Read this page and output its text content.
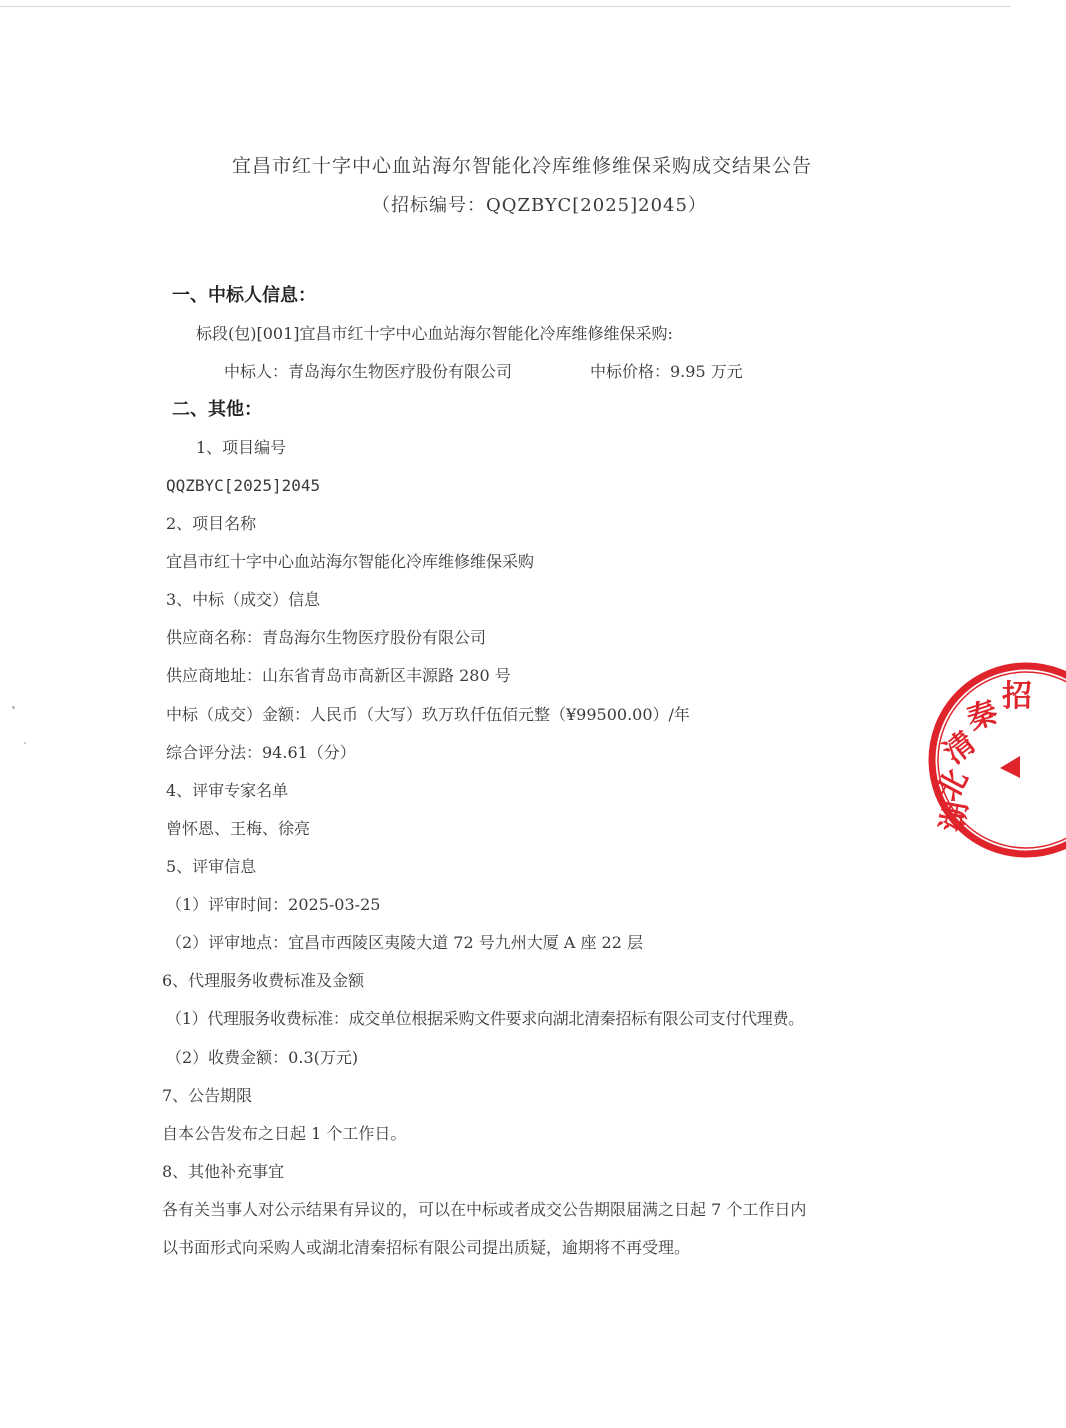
宜昌市红十字中心血站海尔智能化冷库维修维保采购成交结果公告
（招标编号：QQZBYC[2025]2045）
一、中标人信息：
标段(包)[001]宜昌市红十字中心血站海尔智能化冷库维修维保采购:
中标人：青岛海尔生物医疗股份有限公司	中标价格：9.95 万元
二、其他：
1、项目编号
QQZBYC[2025]2045
2、项目名称
宜昌市红十字中心血站海尔智能化冷库维修维保采购
3、中标（成交）信息
供应商名称：青岛海尔生物医疗股份有限公司
供应商地址：山东省青岛市高新区丰源路 280 号
中标（成交）金额：人民币（大写）玖万玖仟伍佰元整（¥99500.00）/年
综合评分法：94.61（分）
4、评审专家名单
曾怀恩、王梅、徐亮
5、评审信息
（1）评审时间：2025-03-25
（2）评审地点：宜昌市西陵区夷陵大道 72 号九州大厦 A 座 22 层
6、代理服务收费标准及金额
（1）代理服务收费标准：成交单位根据采购文件要求向湖北清秦招标有限公司支付代理费。
（2）收费金额：0.3(万元)
7、公告期限
自本公告发布之日起 1 个工作日。
8、其他补充事宜
各有关当事人对公示结果有异议的，可以在中标或者成交公告期限届满之日起 7 个工作日内
以书面形式向采购人或湖北清秦招标有限公司提出质疑，逾期将不再受理。
湖
北
清
秦 招
